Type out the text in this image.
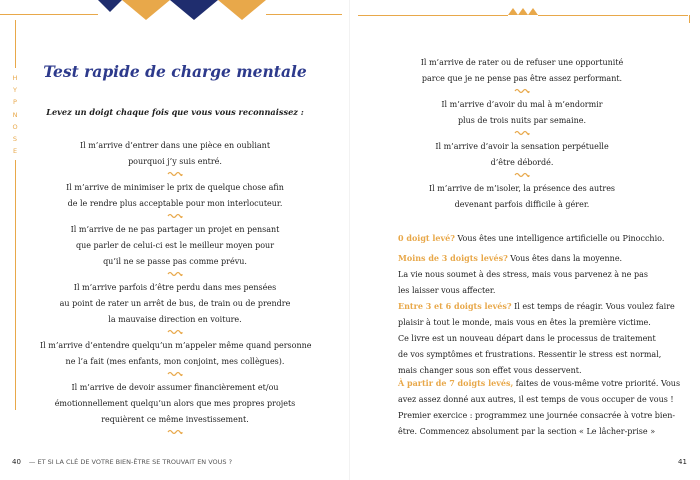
H
Y
P
N
O
S
E
Test rapide de charge mentale
Levez un doigt chaque fois que vous vous reconnaissez :
Il m’arrive d’entrer dans une pièce en oubliant
pourquoi j’y suis entré.
Il m’arrive de minimiser le prix de quelque chose afin
de le rendre plus acceptable pour mon interlocuteur.
Il m’arrive de ne pas partager un projet en pensant
que parler de celui-ci est le meilleur moyen pour
qu’il ne se passe pas comme prévu.
Il m’arrive parfois d’être perdu dans mes pensées
au point de rater un arrêt de bus, de train ou de prendre
la mauvaise direction en voiture.
Il m’arrive d’entendre quelqu’un m’appeler même quand personne
ne l’a fait (mes enfants, mon conjoint, mes collègues).
Il m’arrive de devoir assumer financièrement et/ou
émotionnellement quelqu’un alors que mes propres projets
requièrent ce même investissement.
Il m’arrive de rater ou de refuser une opportunité
parce que je ne pense pas être assez performant.
Il m’arrive d’avoir du mal à m’endormir
plus de trois nuits par semaine.
Il m’arrive d’avoir la sensation perpétuelle
d’être débordé.
Il m’arrive de m’isoler, la présence des autres
devenant parfois difficile à gérer.
0 doigt levé? Vous êtes une intelligence artificielle ou Pinocchio.
Moins de 3 doigts levés? Vous êtes dans la moyenne.
La vie nous soumet à des stress, mais vous parvenez à ne pas
les laisser vous affecter.
Entre 3 et 6 doigts levés? Il est temps de réagir. Vous voulez faire
plaisir à tout le monde, mais vous en êtes la première victime.
Ce livre est un nouveau départ dans le processus de traitement
de vos symptômes et frustrations. Ressentir le stress est normal,
mais changer sous son effet vous desservent.
À partir de 7 doigts levés, faites de vous-même votre priorité. Vous
avez assez donné aux autres, il est temps de vous occuper de vous !
Premier exercice : programmez une journée consacrée à votre bien-
être. Commencez absolument par la section « Le lâcher-prise »
40 — ET SI LA CLÉ DE VOTRE BIEN-ÊTRE SE TROUVAIT EN VOUS ?	41
